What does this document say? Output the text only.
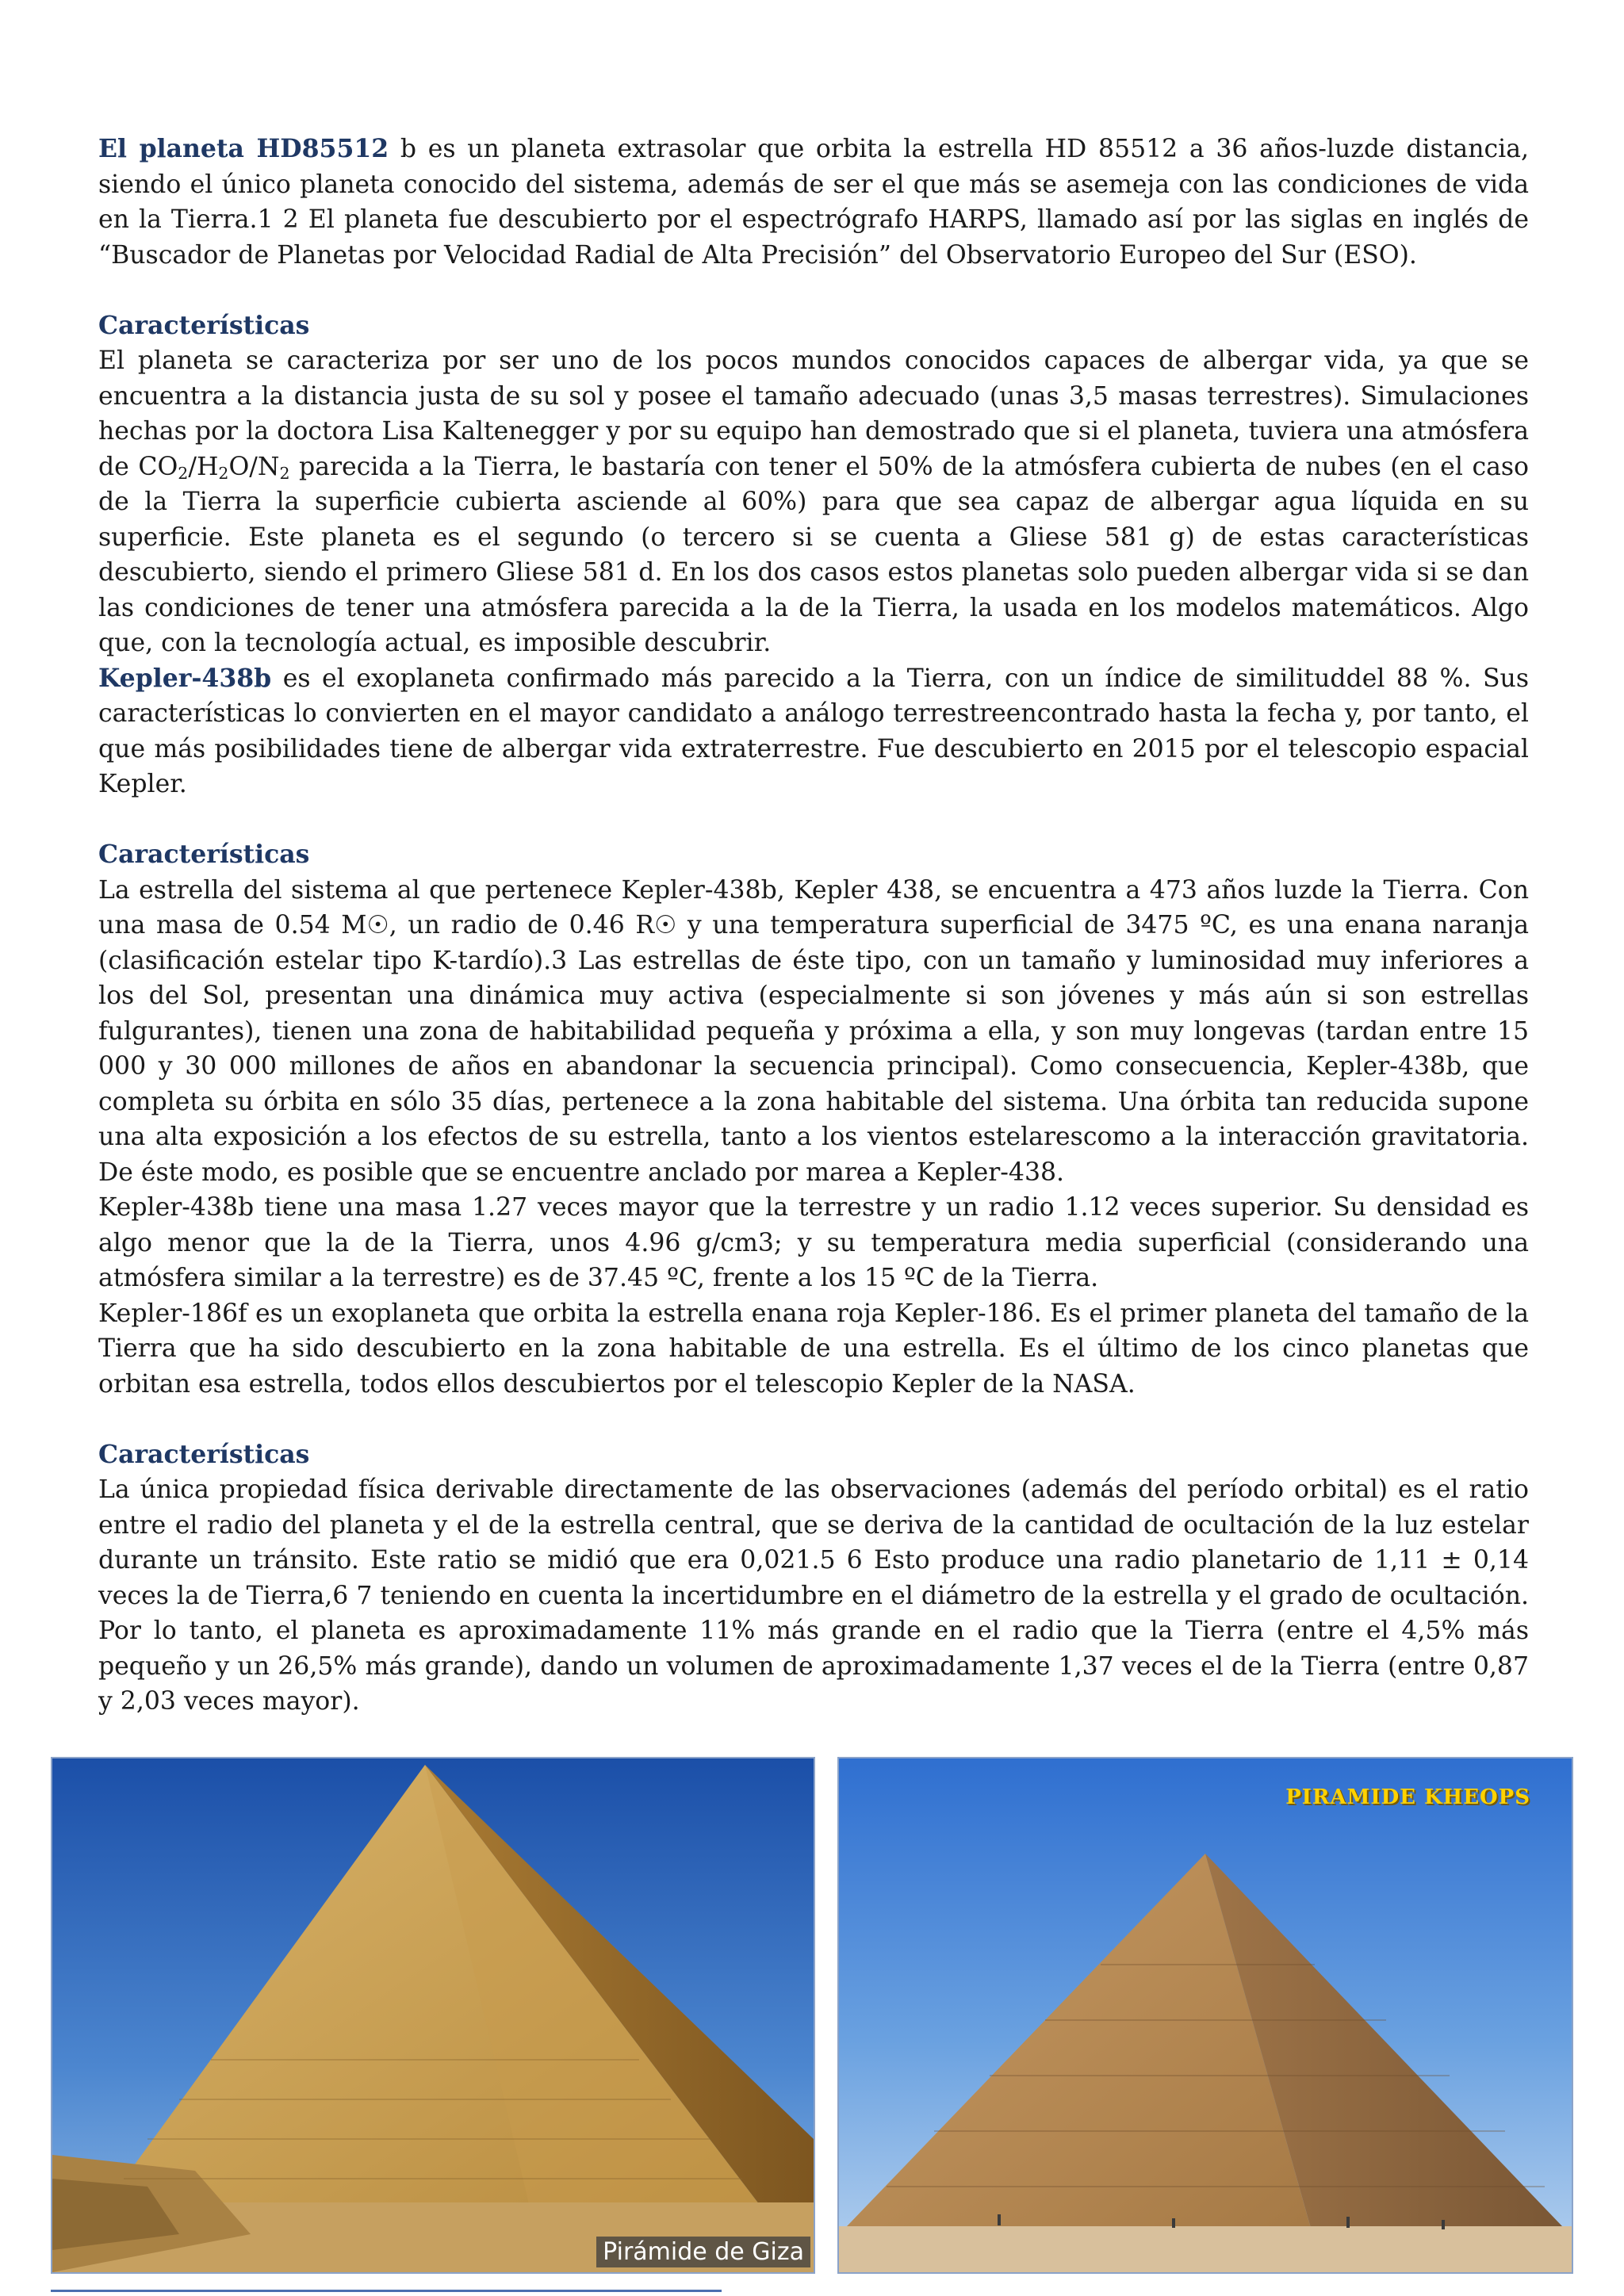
El planeta HD85512 b es un planeta extrasolar que orbita la estrella HD 85512 a 36 años-luzde distancia, siendo el único planeta conocido del sistema, además de ser el que más se asemeja con las condiciones de vida en la Tierra.1 2 El planeta fue descubierto por el espectrógrafo HARPS, llamado así por las siglas en inglés de “Buscador de Planetas por Velocidad Radial de Alta Precisión” del Observatorio Europeo del Sur (ESO).

Características

El planeta se caracteriza por ser uno de los pocos mundos conocidos capaces de albergar vida, ya que se encuentra a la distancia justa de su sol y posee el tamaño adecuado (unas 3,5 masas terrestres). Simulaciones hechas por la doctora Lisa Kaltenegger y por su equipo han demostrado que si el planeta, tuviera una atmósfera de $CO_2/H_2O/N_2$ parecida a la Tierra, le bastaría con tener el 50% de la atmósfera cubierta de nubes (en el caso de la Tierra la superficie cubierta asciende al 60%) para que sea capaz de albergar agua líquida en su superficie. Este planeta es el segundo (o tercero si se cuenta a Gliese 581 g) de estas características descubierto, siendo el primero Gliese 581 d. En los dos casos estos planetas solo pueden albergar vida si se dan las condiciones de tener una atmósfera parecida a la de la Tierra, la usada en los modelos matemáticos. Algo que, con la tecnología actual, es imposible descubrir.

Kepler-438b es el exoplaneta confirmado más parecido a la Tierra, con un índice de similituddel 88 %. Sus características lo convierten en el mayor candidato a análogo terrestreencontrado hasta la fecha y, por tanto, el que más posibilidades tiene de albergar vida extraterrestre. Fue descubierto en 2015 por el telescopio espacial Kepler.

Características

La estrella del sistema al que pertenece Kepler-438b, Kepler 438, se encuentra a 473 años luzde la Tierra. Con una masa de 0.54 M☉, un radio de 0.46 R☉ y una temperatura superficial de 3475 ºC, es una enana naranja (clasificación estelar tipo K-tardío).3 Las estrellas de éste tipo, con un tamaño y luminosidad muy inferiores a los del Sol, presentan una dinámica muy activa (especialmente si son jóvenes y más aún si son estrellas fulgurantes), tienen una zona de habitabilidad pequeña y próxima a ella, y son muy longevas (tardan entre 15 000 y 30 000 millones de años en abandonar la secuencia principal). Como consecuencia, Kepler-438b, que completa su órbita en sólo 35 días, pertenece a la zona habitable del sistema. Una órbita tan reducida supone una alta exposición a los efectos de su estrella, tanto a los vientos estelarescomo a la interacción gravitatoria. De éste modo, es posible que se encuentre anclado por marea a Kepler-438.

Kepler-438b tiene una masa 1.27 veces mayor que la terrestre y un radio 1.12 veces superior. Su densidad es algo menor que la de la Tierra, unos 4.96 g/cm3; y su temperatura media superficial (considerando una atmósfera similar a la terrestre) es de 37.45 ºC, frente a los 15 ºC de la Tierra.

Kepler-186f es un exoplaneta que orbita la estrella enana roja Kepler-186. Es el primer planeta del tamaño de la Tierra que ha sido descubierto en la zona habitable de una estrella. Es el último de los cinco planetas que orbitan esa estrella, todos ellos descubiertos por el telescopio Kepler de la NASA.

Características

La única propiedad física derivable directamente de las observaciones (además del período orbital) es el ratio entre el radio del planeta y el de la estrella central, que se deriva de la cantidad de ocultación de la luz estelar durante un tránsito. Este ratio se midió que era 0,021.5 6 Esto produce una radio planetario de 1,11 ± 0,14 veces la de Tierra,6 7 teniendo en cuenta la incertidumbre en el diámetro de la estrella y el grado de ocultación. Por lo tanto, el planeta es aproximadamente 11% más grande en el radio que la Tierra (entre el 4,5% más pequeño y un 26,5% más grande), dando un volumen de aproximadamente 1,37 veces el de la Tierra (entre 0,87 y 2,03 veces mayor).

Pirámide de Giza
PIRAMIDE KHEOPS
